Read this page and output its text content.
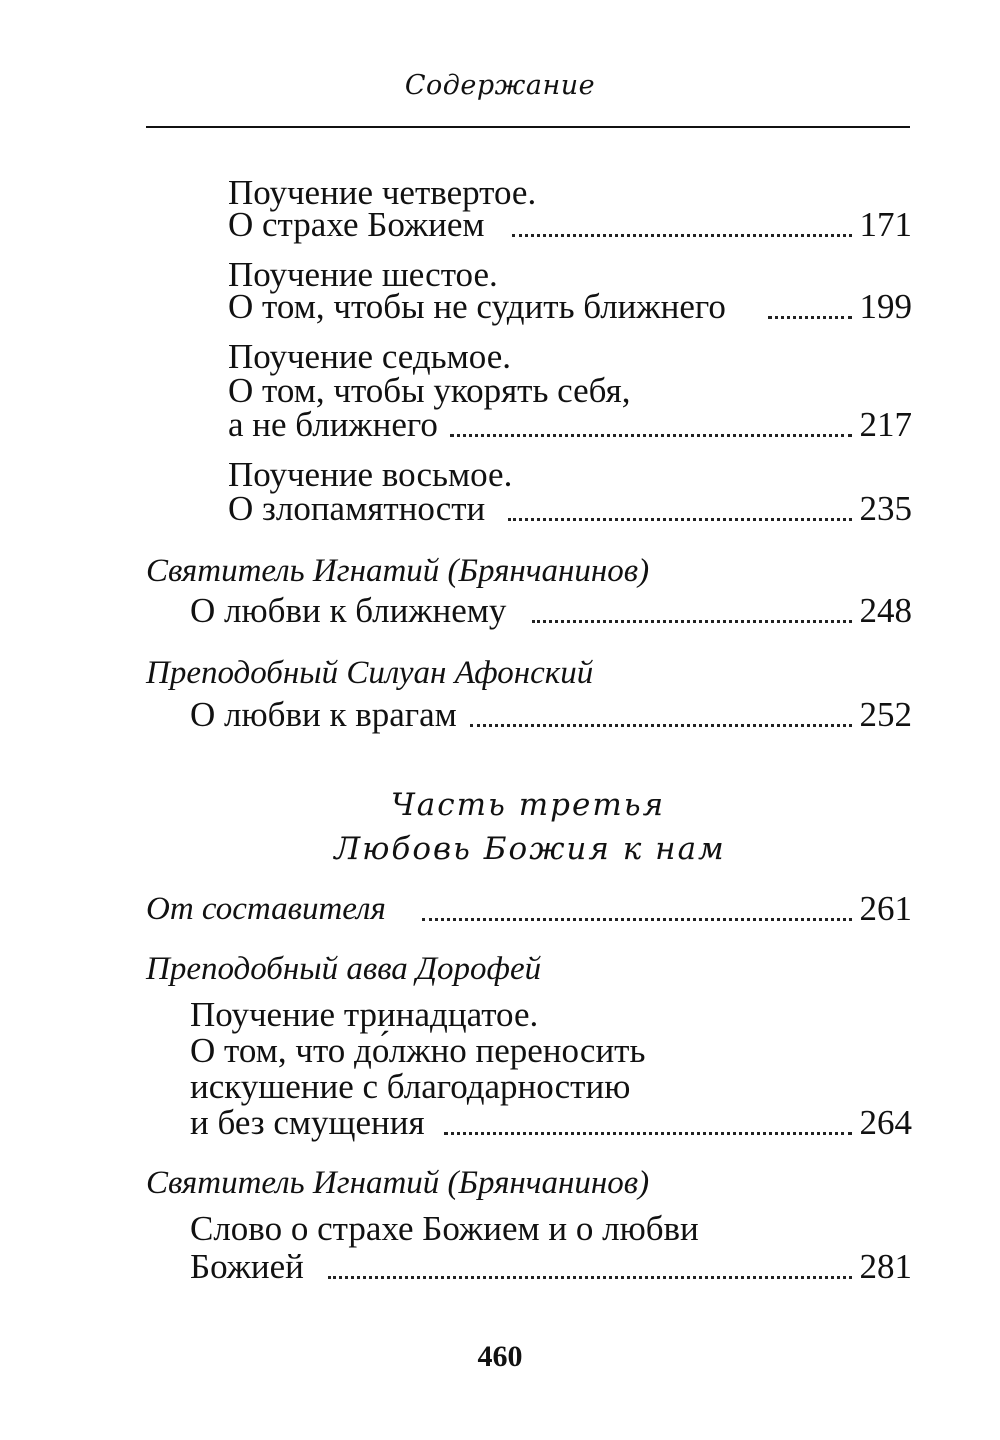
Содержание
Поучение четвертое.
О страхе Божием	171
Поучение шестое.
О том, чтобы не судить ближнего	199
Поучение седьмое.
О том, чтобы укорять себя,
а не ближнего	217
Поучение восьмое.
О злопамятности	235
Святитель Игнатий (Брянчанинов)
О любви к ближнему	248
Преподобный Силуан Афонский
О любви к врагам	252
Часть третья
Любовь Божия к нам
От составителя	261
Преподобный авва Дорофей
Поучение тринадцатое.
О том, что до́лжно переносить
искушение с благодарностию
и без смущения	264
Святитель Игнатий (Брянчанинов)
Слово о страхе Божием и о любви
Божией	281
460
